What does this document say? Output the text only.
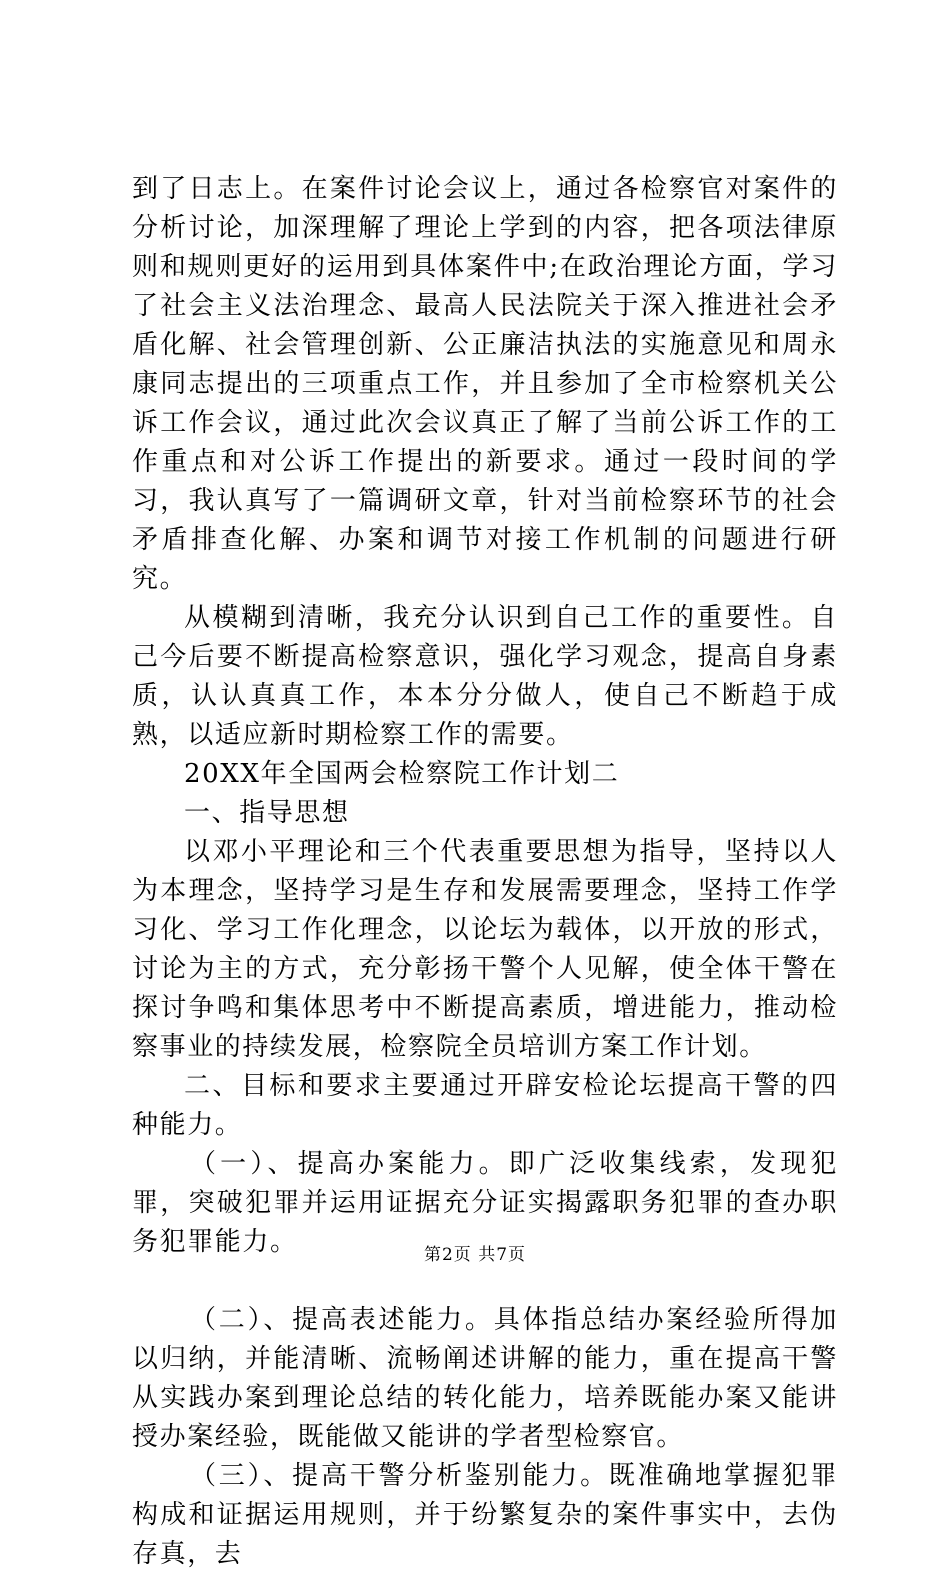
到了日志上。在案件讨论会议上，通过各检察官对案件的分析讨论，加深理解了理论上学到的内容，把各项法律原则和规则更好的运用到具体案件中;在政治理论方面，学习了社会主义法治理念、最高人民法院关于深入推进社会矛盾化解、社会管理创新、公正廉洁执法的实施意见和周永康同志提出的三项重点工作，并且参加了全市检察机关公诉工作会议，通过此次会议真正了解了当前公诉工作的工作重点和对公诉工作提出的新要求。通过一段时间的学习，我认真写了一篇调研文章，针对当前检察环节的社会矛盾排查化解、办案和调节对接工作机制的问题进行研究。

从模糊到清晰，我充分认识到自己工作的重要性。自己今后要不断提高检察意识，强化学习观念，提高自身素质，认认真真工作，本本分分做人，使自己不断趋于成熟，以适应新时期检察工作的需要。

20XX年全国两会检察院工作计划二

一、指导思想

以邓小平理论和三个代表重要思想为指导，坚持以人为本理念，坚持学习是生存和发展需要理念，坚持工作学习化、学习工作化理念，以论坛为载体，以开放的形式，讨论为主的方式，充分彰扬干警个人见解，使全体干警在探讨争鸣和集体思考中不断提高素质，增进能力，推动检察事业的持续发展，检察院全员培训方案工作计划。

二、目标和要求主要通过开辟安检论坛提高干警的四种能力。

（一）、提高办案能力。即广泛收集线索，发现犯罪，突破犯罪并运用证据充分证实揭露职务犯罪的查办职务犯罪能力。

（二）、提高表述能力。具体指总结办案经验所得加以归纳，并能清晰、流畅阐述讲解的能力，重在提高干警从实践办案到理论总结的转化能力，培养既能办案又能讲授办案经验，既能做又能讲的学者型检察官。

（三）、提高干警分析鉴别能力。既准确地掌握犯罪构成和证据运用规则，并于纷繁复杂的案件事实中，去伪存真，去

第2页 共7页
